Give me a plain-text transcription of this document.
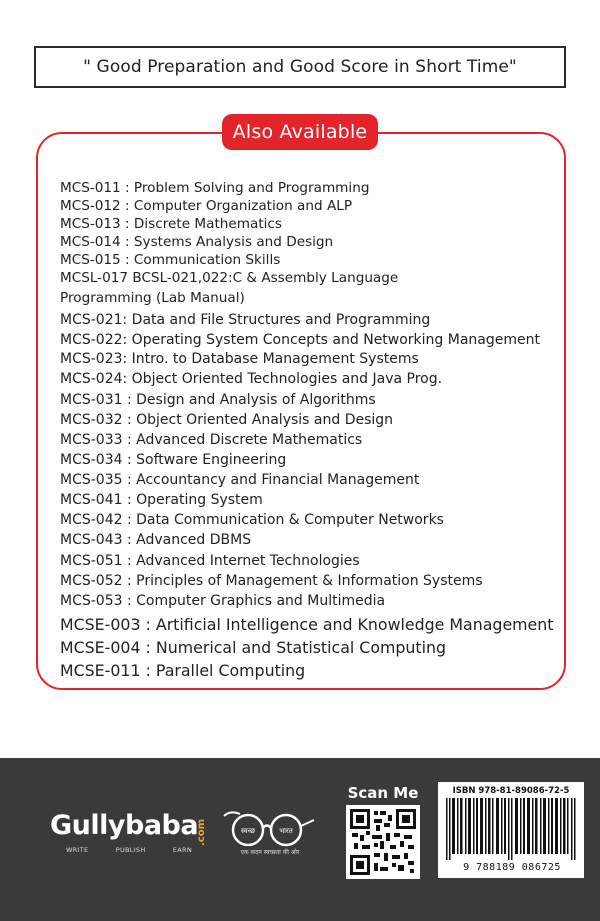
" Good Preparation and Good Score in Short Time"
Also Available
MCS-011 : Problem Solving and Programming
MCS-012 : Computer Organization and ALP
MCS-013 : Discrete Mathematics
MCS-014 : Systems Analysis and Design
MCS-015 : Communication Skills
MCSL-017 BCSL-021,022:C & Assembly Language
Programming (Lab Manual)
MCS-021: Data and File Structures and Programming
MCS-022: Operating System Concepts and Networking Management
MCS-023: Intro. to Database Management Systems
MCS-024: Object Oriented Technologies and Java Prog.
MCS-031 : Design and Analysis of Algorithms
MCS-032 : Object Oriented Analysis and Design
MCS-033 : Advanced Discrete Mathematics
MCS-034 : Software Engineering
MCS-035 : Accountancy and Financial Management
MCS-041 : Operating System
MCS-042 : Data Communication & Computer Networks
MCS-043 : Advanced DBMS
MCS-051 : Advanced Internet Technologies
MCS-052 : Principles of Management & Information Systems
MCS-053 : Computer Graphics and Multimedia
MCSE-003 : Artificial Intelligence and Knowledge Management
MCSE-004 : Numerical and Statistical Computing
MCSE-011 : Parallel Computing
Gullybaba
.com
WRITE	PUBLISH	EARN
स्वच्छ	भारत
एक कदम स्वच्छता की ओर
Scan Me	ISBN 978-81-89086-72-5
9 788189 086725
